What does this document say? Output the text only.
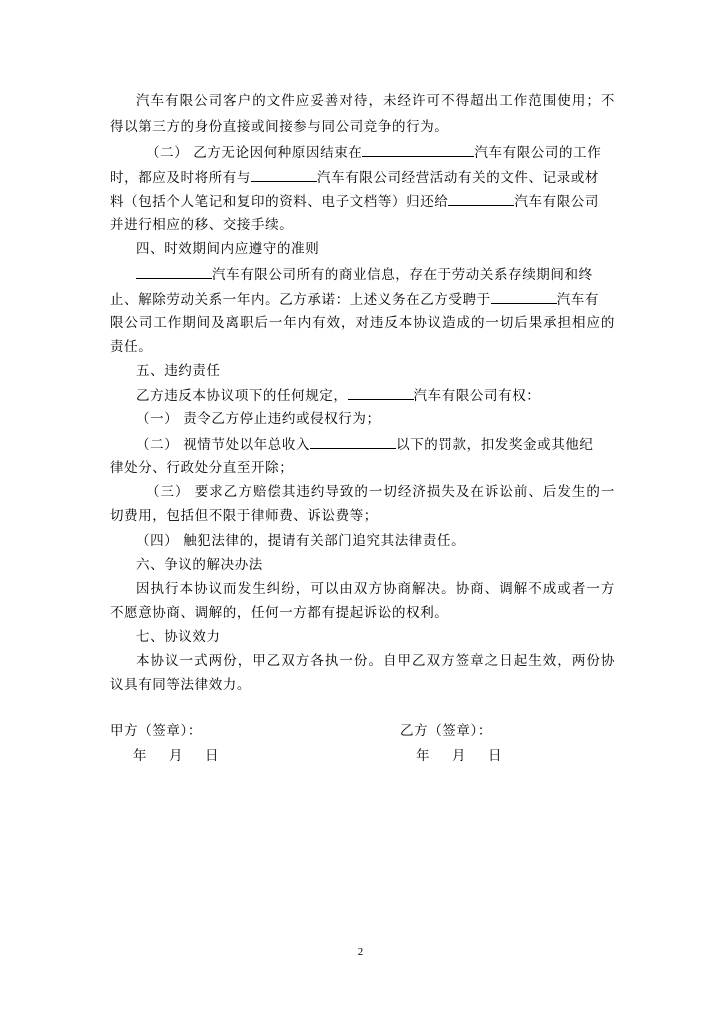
汽车有限公司客户的文件应妥善对待，未经许可不得超出工作范围使用；不
得以第三方的身份直接或间接参与同公司竞争的行为。
（二） 乙方无论因何种原因结束在	汽车有限公司的工作
时，都应及时将所有与	汽车有限公司经营活动有关的文件、记录或材
料（包括个人笔记和复印的资料、电子文档等）归还给	汽车有限公司
并进行相应的移、交接手续。
四、时效期间内应遵守的准则
汽车有限公司所有的商业信息，存在于劳动关系存续期间和终
止、解除劳动关系一年内。乙方承诺：上述义务在乙方受聘于	汽车有
限公司工作期间及离职后一年内有效，对违反本协议造成的一切后果承担相应的
责任。
五、违约责任
乙方违反本协议项下的任何规定，	汽车有限公司有权：
（一） 责令乙方停止违约或侵权行为；
（二） 视情节处以年总收入	以下的罚款，扣发奖金或其他纪
律处分、行政处分直至开除；
（三） 要求乙方赔偿其违约导致的一切经济损失及在诉讼前、后发生的一
切费用，包括但不限于律师费、诉讼费等；
（四） 触犯法律的，提请有关部门追究其法律责任。
六、争议的解决办法
因执行本协议而发生纠纷，可以由双方协商解决。协商、调解不成或者一方
不愿意协商、调解的，任何一方都有提起诉讼的权利。
七、协议效力
本协议一式两份，甲乙双方各执一份。自甲乙双方签章之日起生效，两份协
议具有同等法律效力。
甲方（签章）：	乙方（签章）：
年 月 日	年 月 日
2
